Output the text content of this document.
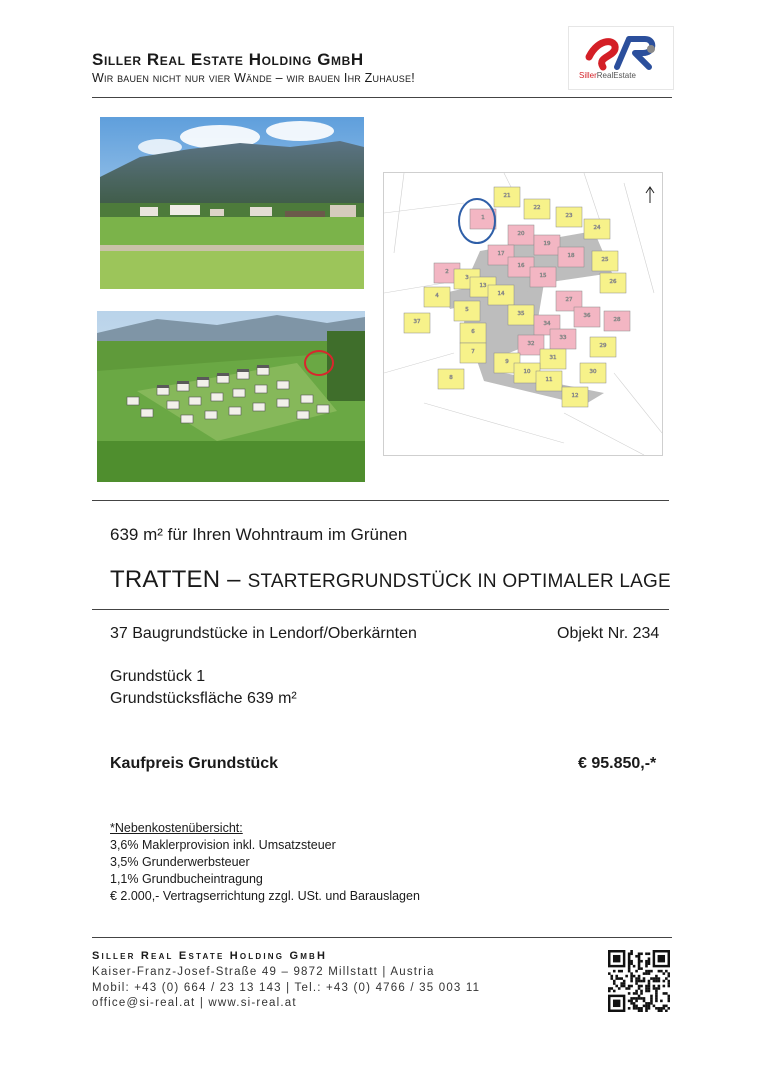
Siller Real Estate Holding GmbH
Wir bauen nicht nur vier Wände – wir bauen Ihr Zuhause!	SillerRealEstate
21
22
23
24
1
20
19
18
25
17
16
15
26
2
3
13
14
27
28
4
5
35
34
36
29
6
33
32
7
31
30
9
10
11
8
12
37
639 m² für Ihren Wohntraum im Grünen
TRATTEN – STARTERGRUNDSTÜCK IN OPTIMALER LAGE
37 Baugrundstücke in Lendorf/Oberkärnten	Objekt Nr. 234
Grundstück 1
Grundstücksfläche 639 m²
Kaufpreis Grundstück	€ 95.850,-*
*Nebenkostenübersicht:
3,6% Maklerprovision inkl. Umsatzsteuer
3,5% Grunderwerbsteuer
1,1% Grundbucheintragung
€ 2.000,- Vertragserrichtung zzgl. USt. und Barauslagen
Siller Real Estate Holding GmbH
Kaiser-Franz-Josef-Straße 49 – 9872 Millstatt | Austria
Mobil: +43 (0) 664 / 23 13 143 | Tel.: +43 (0) 4766 / 35 003 11
office@si-real.at | www.si-real.at
